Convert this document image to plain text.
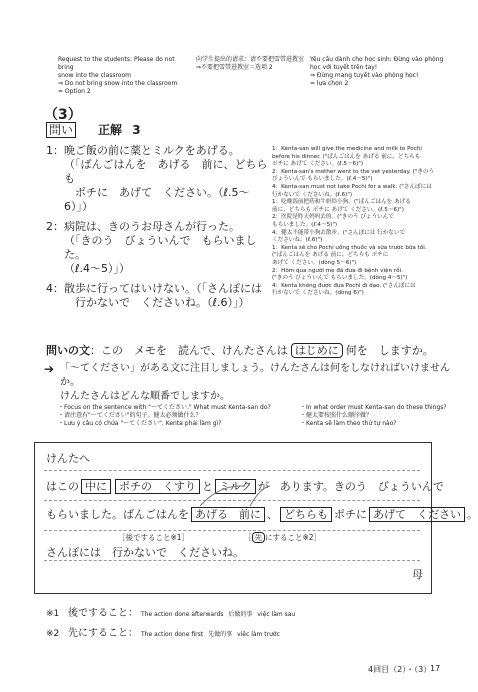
Request to the students: Please do not bring
snow into the classroom
⇒ Do not bring snow into the classroom
= Option 2
向学生提出的请求：请不要把雪带进教室
⇒不要把雪带进教室＝选项 2
Yêu cầu dành cho học sinh: Đừng vào phòng
học với tuyết trên tay!
⇒ Đừng mang tuyết vào phòng học!
= lựa chọn 2
（3）
問い 正解 3
1： 晩ご飯の前に薬とミルクをあげる。
（「ばんごはんを　あげる　前に、どちらも
　ポチに　あげて　ください。（ℓ.5〜6）」）
2： 病院は、きのうお母さんが行った。
（「きのう　びょういんで　もらいました。
（ℓ.4〜5）」）
4： 散歩に行ってはいけない。（「さんぽには
　行かないで　くださいね。（ℓ.6）」）
1：Kenta-san will give the medicine and milk to Pochi
before his dinner. ("ばんごはんを あげる 前に、どちらも
ポチに あげて ください。(ℓ.5〜6)")
2：Kenta-san's mother went to the vet yesterday. ("きのう
びょういんで もらいました。(ℓ.4〜5)")
4：Kenta-san must not take Pochi for a walk. ("さんぽには
行かないで くださいね。(ℓ.6)")
1：吃晚饭前把药和牛奶给小狗。("ばんごはんを あげる
前に、どちらも ポチに あげて ください。(ℓ.5〜6)")
2：医院是昨天妈妈去的。("きのう びょういんで
もらいました。(ℓ.4〜5)")
4：健太不能带小狗去散步。("さんぽには 行かないで
くださいね。(ℓ.6)")
1：Kenta sẽ cho Pochi uống thuốc và sữa trước bữa tối.
("ばんごはんを あげる 前に、どちらも ポチに
あげて ください。(dòng 5〜6)")
2：Hôm qua người mẹ đã đưa đi bệnh viện rồi.
("きのう びょういんで もらいました。(dòng 4〜5)")
4：Kenta không được đưa Pochi đi dạo. ("さんぽには
行かないで くださいね。(dòng 6)")
問いの文：この　メモを　読んで、けんたさんは はじめに 何を　しますか。
➔ 「〜てください」がある文に注目しましょう。けんたさんは何をしなければいけませんか。
けんたさんはどんな順番でしますか。
・Focus on the sentence with "〜てください." What must Kenta-san do?
・请注意有"〜てください"的句子。健太必须做什么？
・Lưu ý câu có chứa "〜てください". Kenta phải làm gì?
・In what order must Kenta-san do these things?
・健太要按照什么顺序做？
・Kenta sẽ làm theo thứ tự nào?
けんたへ
はこの 中に ポチの　くすり と ミルク が　あります。きのう　びょういんで
もらいました。ばんごはんを あげる　前に 、 どちらも ポチに あげて　ください 。
［後ですること※1］	［ 先 にすること※2］
さんぽには　行かないで　くださいね。
母
※1 後ですること： The action done afterwards 后做的事 việc làm sau
※2 先にすること： The action done first 先做的事 việc làm trước
4回目（2）・（3）
17
